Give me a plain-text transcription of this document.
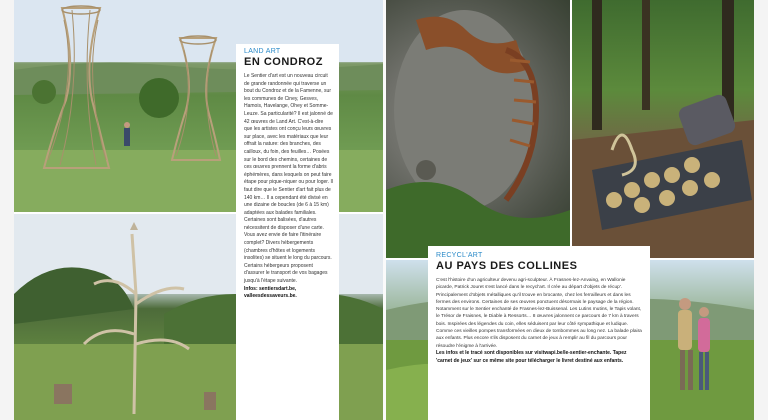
LAND ART

EN CONDROZ

Le Sentier d'art est un nouveau circuit de grande randonnée qui traverse un bout du Condroz et de la Famenne, sur les communes de Ciney, Gesves, Hamois, Havelange, Ohey et Somme-Leuze. Sa particularité? Il est jalonné de 42 œuvres de Land Art. C'est-à-dire que les artistes ont conçu leurs œuvres sur place, avec les matériaux que leur offrait la nature: des branches, des cailloux, du foin, des feuilles… Posées sur le bord des chemins, certaines de ces œuvres prennent la forme d'abris éphémères, dans lesquels on peut faire étape pour pique-niquer ou pour loger. Il faut dire que le Sentier d'art fait plus de 140 km… Il a cependant été divisé en une dizaine de boucles (de 6 à 15 km) adaptées aux balades familiales. Certaines sont balisées, d'autres nécessitent de disposer d'une carte. Vous avez envie de faire l'itinéraire complet? Divers hébergements (chambres d'hôtes et logements insolites) se situent le long du parcours. Certains hébergeurs proposent d'assurer le transport de vos bagages jusqu'à l'étape suivante.

Infos: sentiersdart.be, valleesdessaveurs.be.

RECYCL'ART

AU PAYS DES COLLINES

C'est l'histoire d'un agriculteur devenu agri-sculpteur. À Frasnes-lez-Anvaing, en Wallonie picarde, Patrick Jouret s'est lancé dans le recycl'art. Il crée au départ d'objets de récup'. Principalement d'objets métalliques qu'il trouve en brocante, chez les ferrailleurs et dans les fermes des environs. Certaines de ses œuvres ponctuent désormais le paysage de la région. Notamment sur le Sentier enchanté de Frasnes-lez-Buissenal. Les Lutins mutins, le Tapis volant, le Trésor de Fraisnes, le Diable à Ressorts… 8 œuvres jalonnent ce parcours de 7 km à travers bois. Inspirées des légendes du coin, elles séduisent par leur côté sympathique et ludique. Comme ces vieilles pompes transformées en dieux de tombommes au long nez. La balade plaira aux enfants. Plus encore s'ils disposent du carnet de jeux à remplir au fil du parcours pour résoudre l'énigme à l'arrivée.

Les infos et le tracé sont disponibles sur visitwapi.be/le-sentier-enchante. Tapez 'carnet de jeux' sur ce même site pour télécharger le livret destiné aux enfants.
